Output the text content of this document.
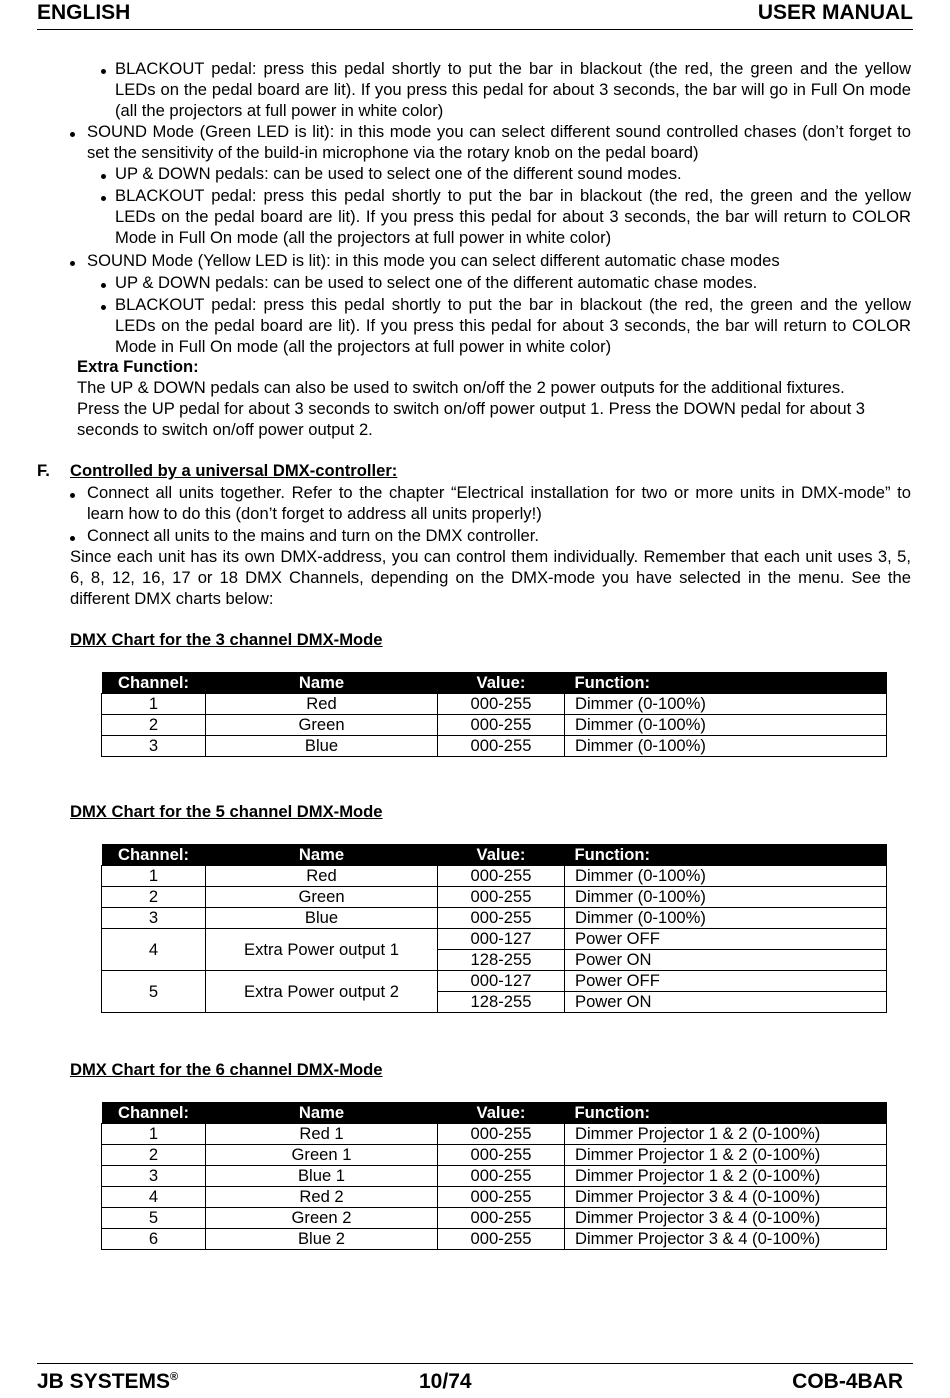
ENGLISH	USER MANUAL
BLACKOUT pedal: press this pedal shortly to put the bar in blackout (the red, the green and the yellow LEDs on the pedal board are lit). If you press this pedal for about 3 seconds, the bar will go in Full On mode (all the projectors at full power in white color)
SOUND Mode (Green LED is lit): in this mode you can select different sound controlled chases (don’t forget to set the sensitivity of the build-in microphone via the rotary knob on the pedal board)
UP & DOWN pedals: can be used to select one of the different sound modes.
BLACKOUT pedal: press this pedal shortly to put the bar in blackout (the red, the green and the yellow LEDs on the pedal board are lit). If you press this pedal for about 3 seconds, the bar will return to COLOR Mode in Full On mode (all the projectors at full power in white color)
SOUND Mode (Yellow LED is lit): in this mode you can select different automatic chase modes
UP & DOWN pedals: can be used to select one of the different automatic chase modes.
BLACKOUT pedal: press this pedal shortly to put the bar in blackout (the red, the green and the yellow LEDs on the pedal board are lit). If you press this pedal for about 3 seconds, the bar will return to COLOR Mode in Full On mode (all the projectors at full power in white color)
Extra Function:
The UP & DOWN pedals can also be used to switch on/off the 2 power outputs for the additional fixtures. Press the UP pedal for about 3 seconds to switch on/off power output 1. Press the DOWN pedal for about 3 seconds to switch on/off power output 2.
F. Controlled by a universal DMX-controller:
Connect all units together. Refer to the chapter “Electrical installation for two or more units in DMX-mode” to learn how to do this (don’t forget to address all units properly!)
Connect all units to the mains and turn on the DMX controller.
Since each unit has its own DMX-address, you can control them individually. Remember that each unit uses 3, 5, 6, 8, 12, 16, 17 or 18 DMX Channels, depending on the DMX-mode you have selected in the menu. See the different DMX charts below:
DMX Chart for the 3 channel DMX-Mode
Channel:	Name	Value:	Function:
1	Red	000-255	Dimmer (0-100%)
2	Green	000-255	Dimmer (0-100%)
3	Blue	000-255	Dimmer (0-100%)
DMX Chart for the 5 channel DMX-Mode
Channel:	Name	Value:	Function:
1	Red	000-255	Dimmer (0-100%)
2	Green	000-255	Dimmer (0-100%)
3	Blue	000-255	Dimmer (0-100%)
4	Extra Power output 1	000-127	Power OFF
		128-255	Power ON
5	Extra Power output 2	000-127	Power OFF
		128-255	Power ON
DMX Chart for the 6 channel DMX-Mode
Channel:	Name	Value:	Function:
1	Red 1	000-255	Dimmer Projector 1 & 2 (0-100%)
2	Green 1	000-255	Dimmer Projector 1 & 2 (0-100%)
3	Blue 1	000-255	Dimmer Projector 1 & 2 (0-100%)
4	Red 2	000-255	Dimmer Projector 3 & 4 (0-100%)
5	Green 2	000-255	Dimmer Projector 3 & 4 (0-100%)
6	Blue 2	000-255	Dimmer Projector 3 & 4 (0-100%)
JB SYSTEMS®	10/74	COB-4BAR
